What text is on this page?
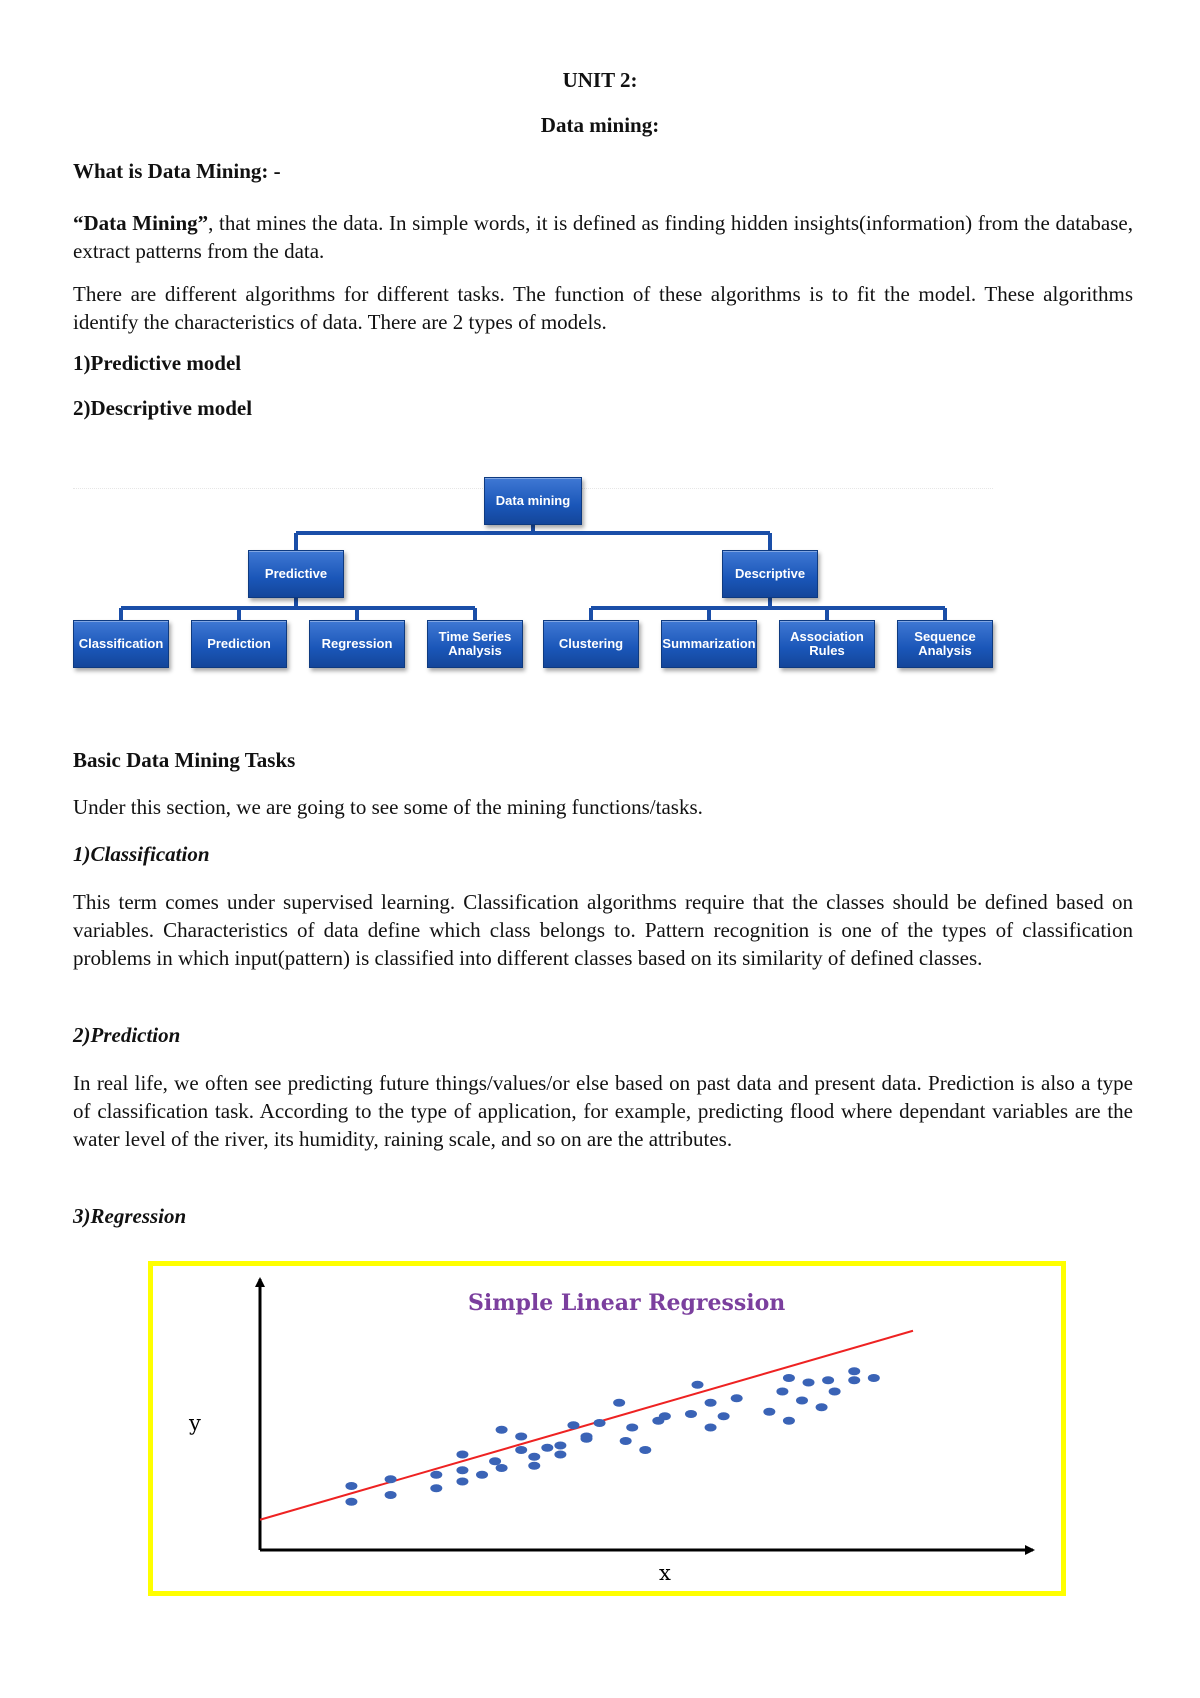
UNIT 2:
Data mining:
What is Data Mining: -
“Data Mining”, that mines the data. In simple words, it is defined as finding hidden insights(information) from the database, extract patterns from the data.
There are different algorithms for different tasks. The function of these algorithms is to fit the model. These algorithms identify the characteristics of data. There are 2 types of models.
1)Predictive model
2)Descriptive model
Data mining
Predictive	Descriptive
Classification	Prediction	Regression	Time Series Analysis	Clustering	Summarization	Association Rules
Sequence Analysis
Basic Data Mining Tasks
Under this section, we are going to see some of the mining functions/tasks.
1)Classification
This term comes under supervised learning. Classification algorithms require that the classes should be defined based on variables. Characteristics of data define which class belongs to. Pattern recognition is one of the types of classification problems in which input(pattern) is classified into different classes based on its similarity of defined classes.
2)Prediction
In real life, we often see predicting future things/values/or else based on past data and present data. Prediction is also a type of classification task. According to the type of application, for example, predicting flood where dependant variables are the water level of the river, its humidity, raining scale, and so on are the attributes.
3)Regression
Simple Linear Regression
y
x
